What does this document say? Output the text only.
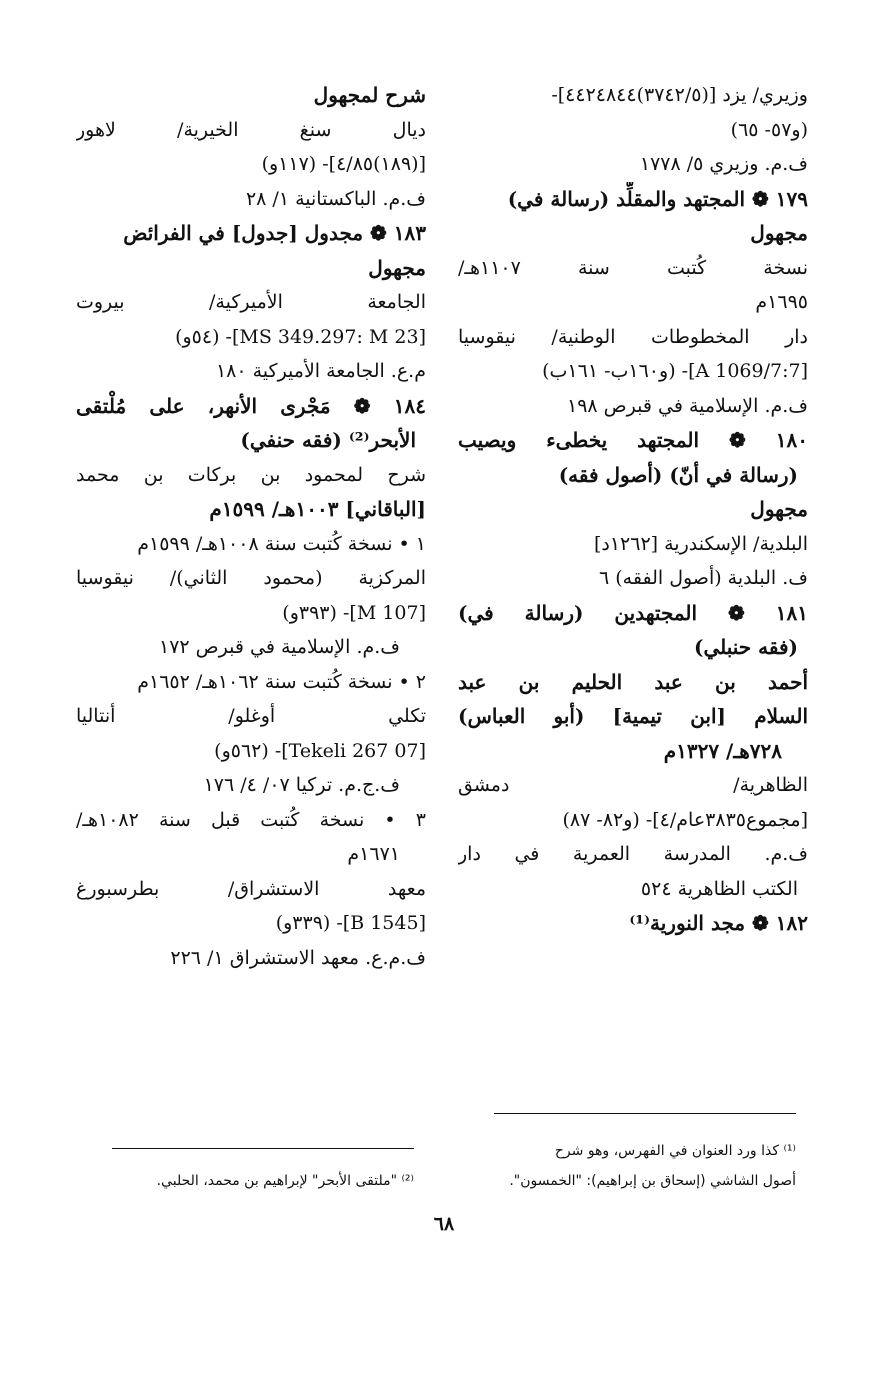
وزيري/ يزد [(٣٧٤٢/٥)٤٤٢٤٨٤٤]-
(و٥٧- ٦٥)
ف.م. وزيري ٥/ ١٧٧٨
١٧٩ ❁ المجتهد والمقلِّد (رسالة في)
مجهول
نسخة كُتبت سنة ١١٠٧هـ/
١٦٩٥م
دار المخطوطات الوطنية/ نيقوسيا
[A 1069/7:7]- (و١٦٠ب- ١٦١ب)
ف.م. الإسلامية في قبرص ١٩٨
١٨٠ ❁ المجتهد يخطىء ويصيب
(رسالة في أنّ) (أصول فقه)
مجهول
البلدية/ الإسكندرية [١٢٦٢د]
ف. البلدية (أصول الفقه) ٦
١٨١ ❁ المجتهدين (رسالة في)
(فقه حنبلي)
أحمد بن عبد الحليم بن عبد
السلام [ابن تيمية] (أبو العباس)
٧٢٨هـ/ ١٣٢٧م
الظاهرية/ دمشق
[مجموع٣٨٣٥عام/٤]- (و٨٢- ٨٧)
ف.م. المدرسة العمرية في دار
الكتب الظاهرية ٥٢٤
١٨٢ ❁ مجد النورية⁽¹⁾
شرح لمجهول
ديال سنغ الخيرية/ لاهور
[(١٨٩)٤/٨٥]- (١١٧و)
ف.م. الباكستانية ١/ ٢٨
١٨٣ ❁ مجدول [جدول] في الفرائض
مجهول
الجامعة الأميركية/ بيروت
[MS 349.297: M 23]- (٥٤و)
م.ع. الجامعة الأميركية ١٨٠
١٨٤ ❁ مَجْرى الأنهر، على مُلْتقى
الأبحر⁽²⁾ (فقه حنفي)
شرح لمحمود بن بركات بن محمد
[الباقاني] ١٠٠٣هـ/ ١٥٩٩م
١ • نسخة كُتبت سنة ١٠٠٨هـ/ ١٥٩٩م
المركزية (محمود الثاني)/ نيقوسيا
[M 107]- (٣٩٣و)
ف.م. الإسلامية في قبرص ١٧٢
٢ • نسخة كُتبت سنة ١٠٦٢هـ/ ١٦٥٢م
تكلي أوغلو/ أنتاليا
[07 Tekeli 267]- (٥٦٢و)
ف.ج.م. تركيا ٠٧/ ٤/ ١٧٦
٣ • نسخة كُتبت قبل سنة ١٠٨٢هـ/
١٦٧١م
معهد الاستشراق/ بطرسبورغ
[B 1545]- (٣٣٩و)
ف.م.ع. معهد الاستشراق ١/ ٢٢٦
⁽¹⁾ كذا ورد العنوان في الفهرس، وهو شرح
أصول الشاشي (إسحاق بن إبراهيم): "الخمسون".
⁽²⁾ "ملتقى الأبحر" لإبراهيم بن محمد، الحلبي.
٦٨
